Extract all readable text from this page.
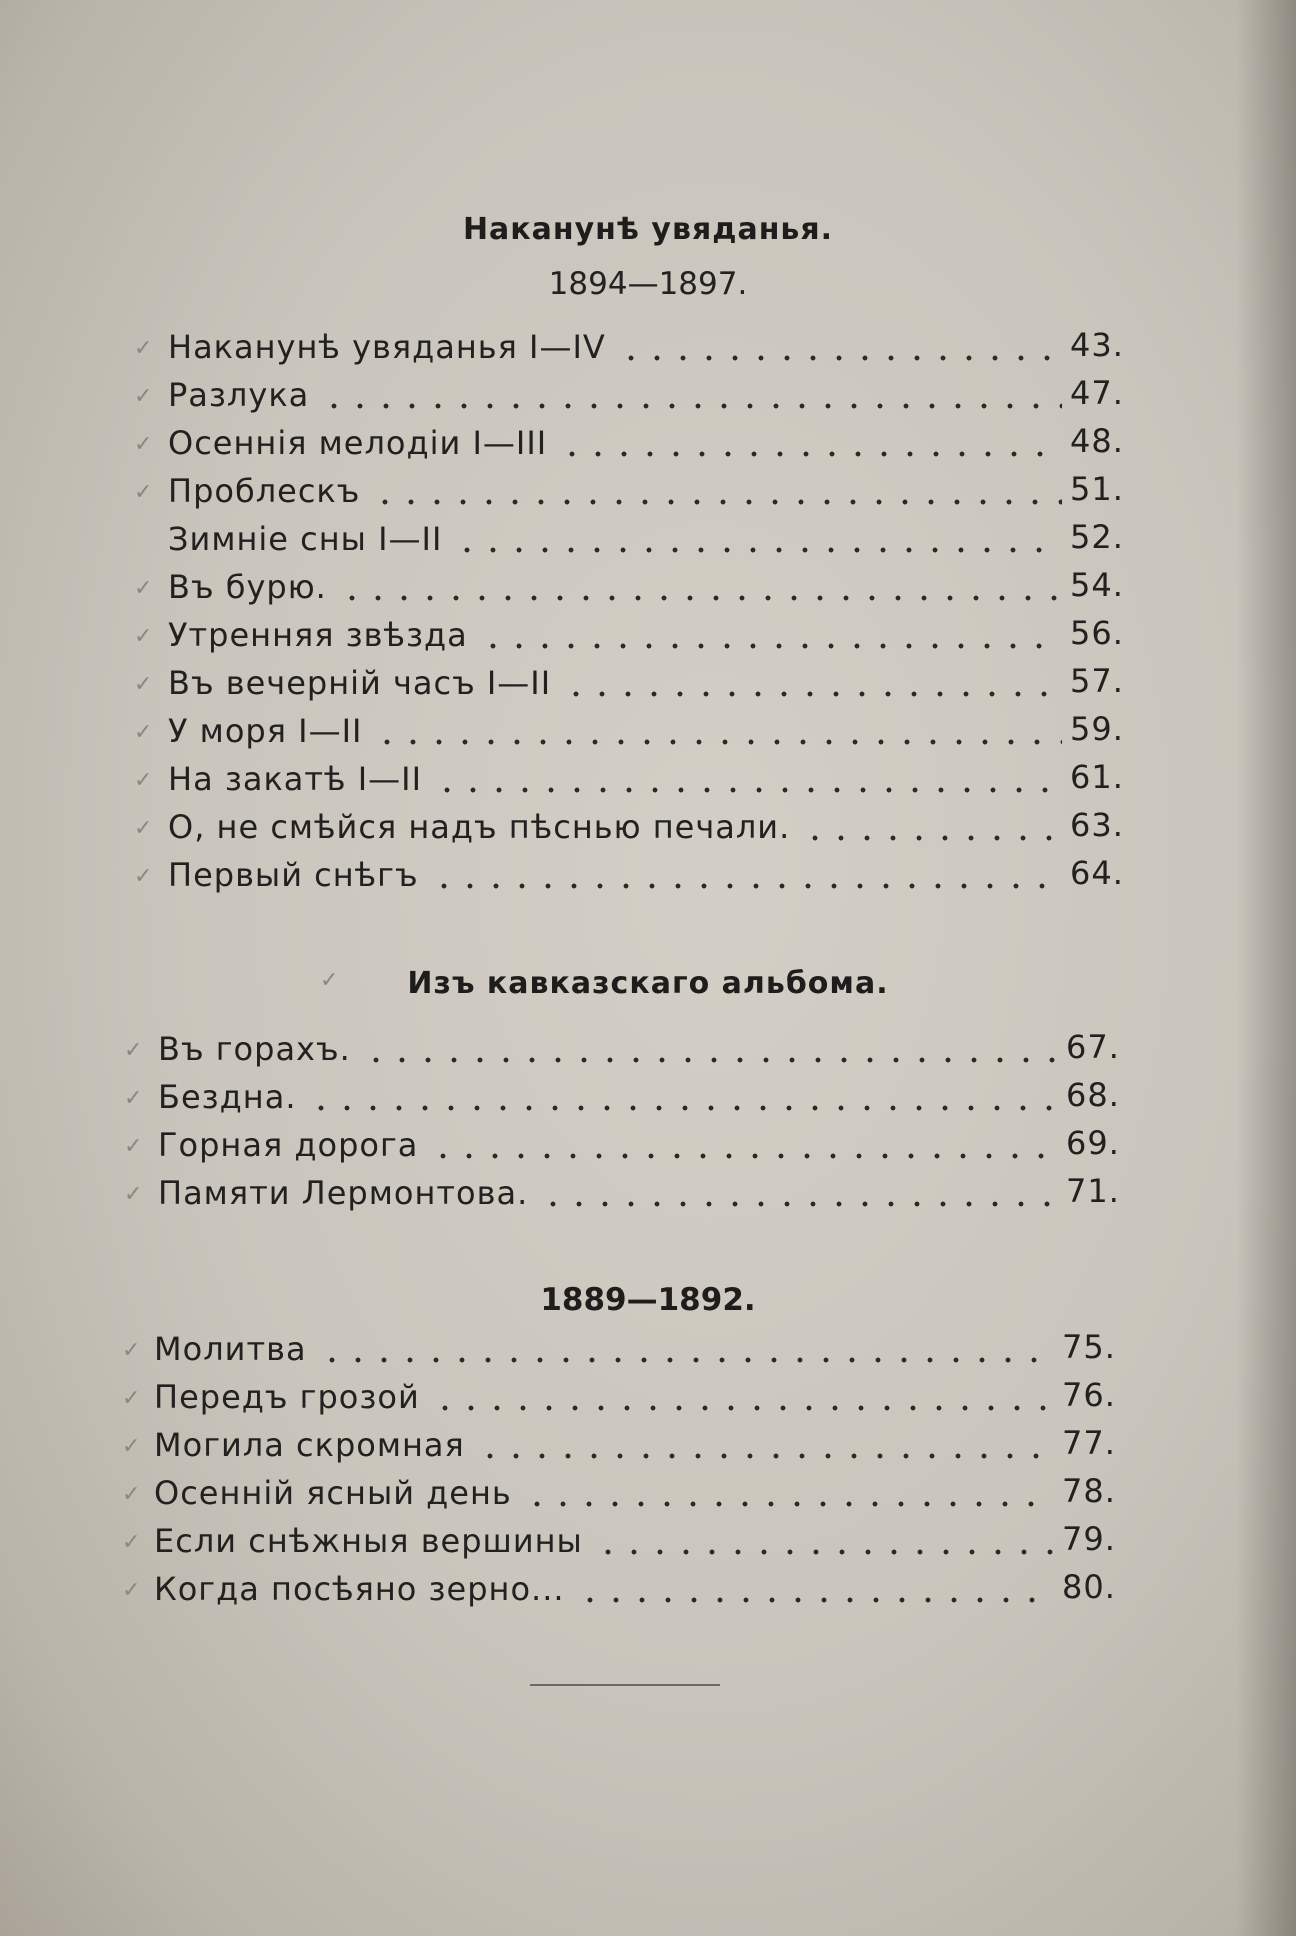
Наканунѣ увяданья.
1894—1897.
✓ Наканунѣ увяданья I—IV	43.
✓ Разлука	47.
✓ Осеннія мелодіи I—III	48.
✓ Проблескъ	51.
Зимніе сны I—II	52.
✓ Въ бурю.	54.
✓ Утренняя звѣзда	56.
✓ Въ вечерній часъ I—II	57.
✓ У моря I—II	59.
✓ На закатѣ I—II	61.
✓ О, не смѣйся надъ пѣснью печали.	63.
✓ Первый снѣгъ	64.
✓	Изъ кавказскаго альбома.
✓ Въ горахъ.	67.
✓ Бездна.	68.
✓ Горная дорога	69.
✓ Памяти Лермонтова.	71.
1889—1892.
✓ Молитва	75.
✓ Передъ грозой	76.
✓ Могила скромная	77.
✓ Осенній ясный день	78.
✓ Если снѣжныя вершины	79.
✓ Когда посѣяно зерно...	80.
